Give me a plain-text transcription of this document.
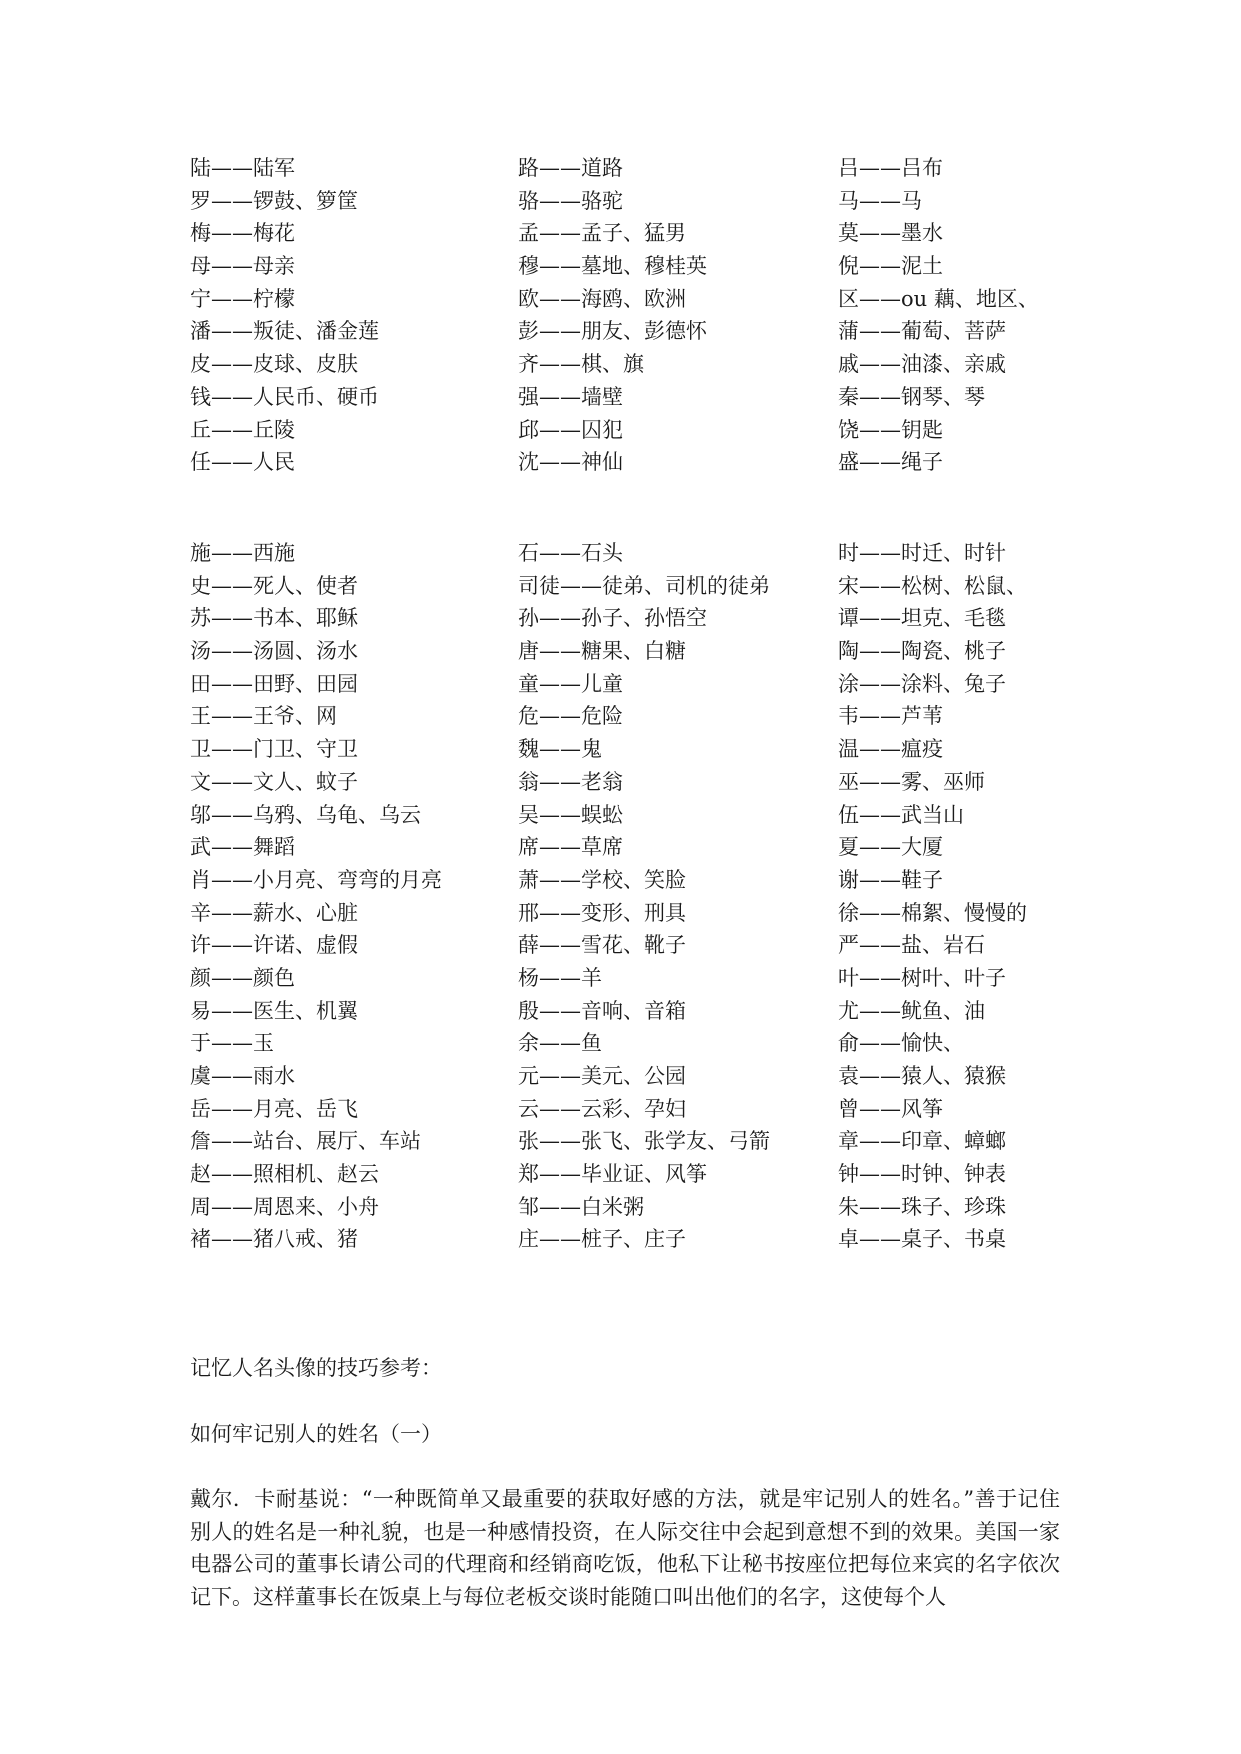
陆——陆军	路——道路	吕——吕布
罗——锣鼓、箩筐	骆——骆驼	马——马
梅——梅花	孟——孟子、猛男	莫——墨水
母——母亲	穆——墓地、穆桂英	倪——泥土
宁——柠檬	欧——海鸥、欧洲	区——ou 藕、地区、
潘——叛徒、潘金莲	彭——朋友、彭德怀	蒲——葡萄、菩萨
皮——皮球、皮肤	齐——棋、旗	戚——油漆、亲戚
钱——人民币、硬币	强——墙壁	秦——钢琴、琴
丘——丘陵	邱——囚犯	饶——钥匙
任——人民	沈——神仙	盛——绳子
施——西施	石——石头	时——时迁、时针
史——死人、使者	司徒——徒弟、司机的徒弟	宋——松树、松鼠、
苏——书本、耶稣	孙——孙子、孙悟空	谭——坦克、毛毯
汤——汤圆、汤水	唐——糖果、白糖	陶——陶瓷、桃子
田——田野、田园	童——儿童	涂——涂料、兔子
王——王爷、网	危——危险	韦——芦苇
卫——门卫、守卫	魏——鬼	温——瘟疫
文——文人、蚊子	翁——老翁	巫——雾、巫师
邬——乌鸦、乌龟、乌云	吴——蜈蚣	伍——武当山
武——舞蹈	席——草席	夏——大厦
肖——小月亮、弯弯的月亮	萧——学校、笑脸	谢——鞋子
辛——薪水、心脏	邢——变形、刑具	徐——棉絮、慢慢的
许——许诺、虚假	薛——雪花、靴子	严——盐、岩石
颜——颜色	杨——羊	叶——树叶、叶子
易——医生、机翼	殷——音响、音箱	尤——鱿鱼、油
于——玉	余——鱼	俞——愉快、
虞——雨水	元——美元、公园	袁——猿人、猿猴
岳——月亮、岳飞	云——云彩、孕妇	曾——风筝
詹——站台、展厅、车站	张——张飞、张学友、弓箭	章——印章、蟑螂
赵——照相机、赵云	郑——毕业证、风筝	钟——时钟、钟表
周——周恩来、小舟	邹——白米粥	朱——珠子、珍珠
褚——猪八戒、猪	庄——桩子、庄子	卓——桌子、书桌
记忆人名头像的技巧参考：
如何牢记别人的姓名（一）
戴尔．卡耐基说：“一种既简单又最重要的获取好感的方法，就是牢记别人的姓名。”善于记住别人的姓名是一种礼貌，也是一种感情投资，在人际交往中会起到意想不到的效果。美国一家电器公司的董事长请公司的代理商和经销商吃饭，他私下让秘书按座位把每位来宾的名字依次记下。这样董事长在饭桌上与每位老板交谈时能随口叫出他们的名字，这使每个人
